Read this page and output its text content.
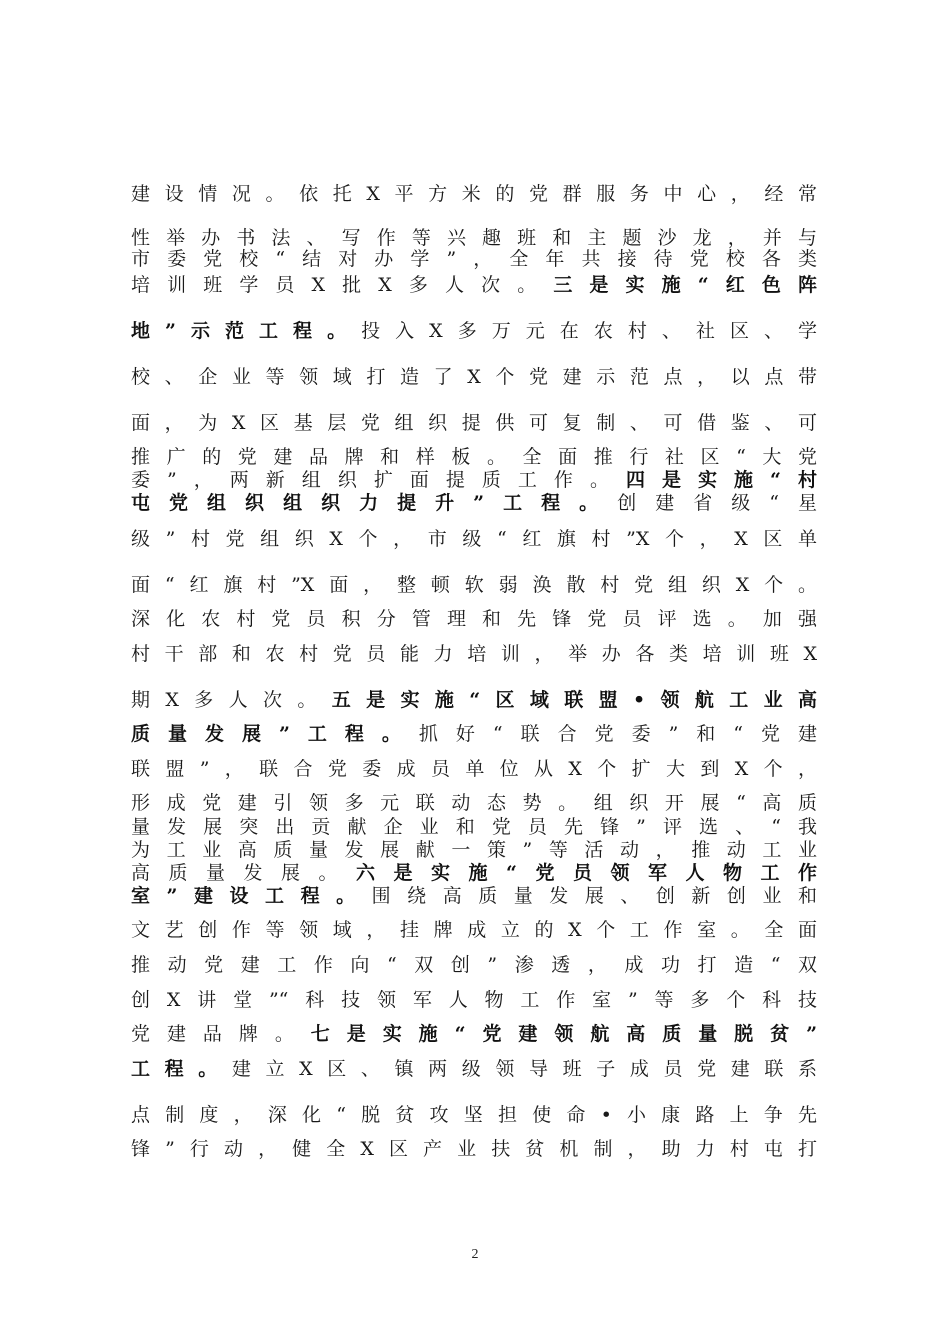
建设情况。依托X平方米的党群服务中心，经常
性举办书法、写作等兴趣班和主题沙龙，并与
市委党校“结对办学”，全年共接待党校各类
培训班学员X批X多人次。三是实施“红色阵
地”示范工程。投入X多万元在农村、社区、学
校、企业等领域打造了X个党建示范点，以点带
面，为X区基层党组织提供可复制、可借鉴、可
推广的党建品牌和样板。全面推行社区“大党
委”，两新组织扩面提质工作。四是实施“村
屯党组织组织力提升”工程。创建省级“星
级”村党组织X个，市级“红旗村”X个，X区单
面“红旗村”X面，整顿软弱涣散村党组织X个。
深化农村党员积分管理和先锋党员评选。加强
村干部和农村党员能力培训，举办各类培训班X
期X多人次。五是实施“区域联盟•领航工业高
质量发展”工程。抓好“联合党委”和“党建
联盟”，联合党委成员单位从X个扩大到X个，
形成党建引领多元联动态势。组织开展“高质
量发展突出贡献企业和党员先锋”评选、“我
为工业高质量发展献一策”等活动，推动工业
高质量发展。六是实施“党员领军人物工作
室”建设工程。围绕高质量发展、创新创业和
文艺创作等领域，挂牌成立的X个工作室。全面
推动党建工作向“双创”渗透，成功打造“双
创X讲堂”“科技领军人物工作室”等多个科技
党建品牌。七是实施“党建领航高质量脱贫”
工程。建立X区、镇两级领导班子成员党建联系
点制度，深化“脱贫攻坚担使命•小康路上争先
锋”行动，健全X区产业扶贫机制，助力村屯打
2
